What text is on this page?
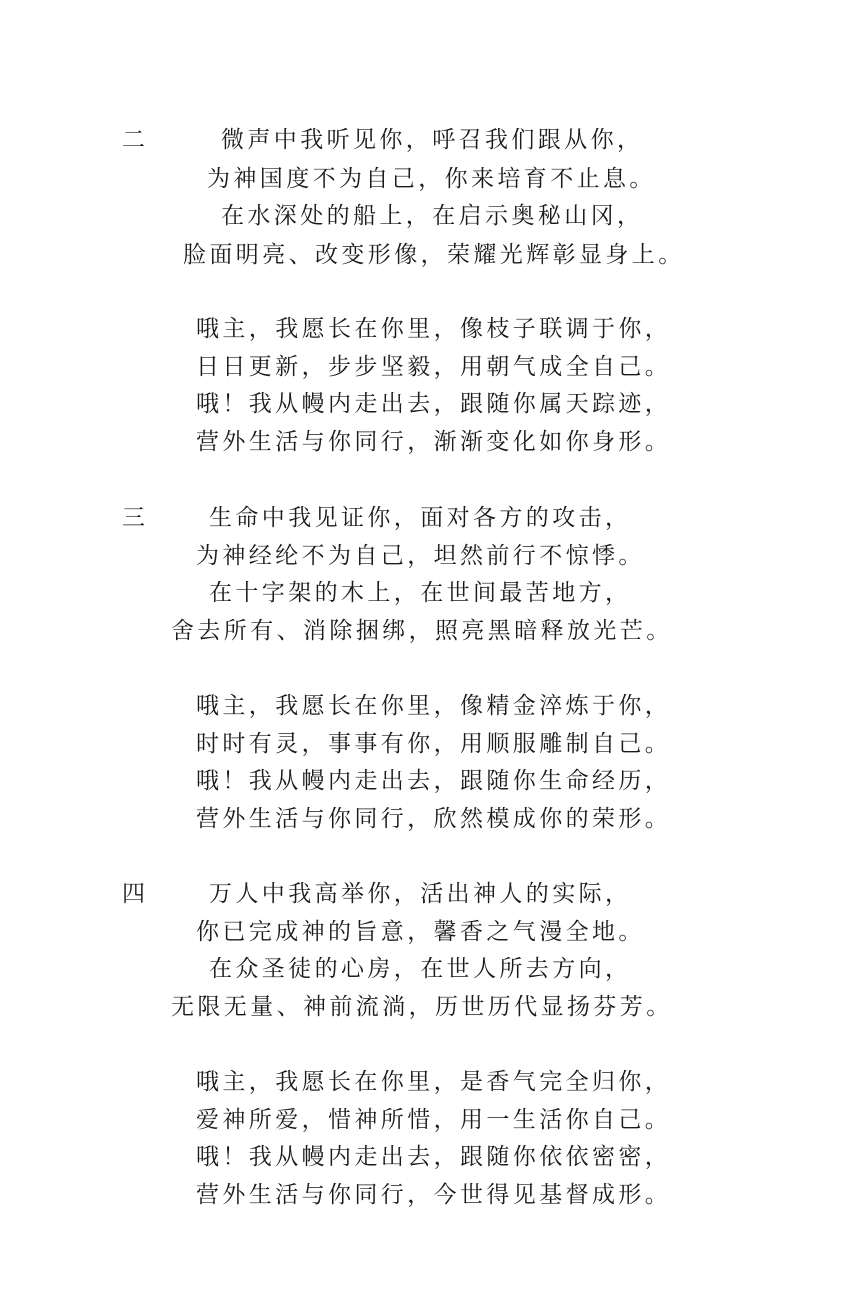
二	微声中我听见你，呼召我们跟从你，
为神国度不为自己，你来培育不止息。
在水深处的船上，在启示奥秘山冈，
脸面明亮、改变形像，荣耀光辉彰显身上。
哦主，我愿长在你里，像枝子联调于你，
日日更新，步步坚毅，用朝气成全自己。
哦！我从幔内走出去，跟随你属天踪迹，
营外生活与你同行，渐渐变化如你身形。
三	生命中我见证你，面对各方的攻击，
为神经纶不为自己，坦然前行不惊悸。
在十字架的木上，在世间最苦地方，
舍去所有、消除捆绑，照亮黑暗释放光芒。
哦主，我愿长在你里，像精金淬炼于你，
时时有灵，事事有你，用顺服雕制自己。
哦！我从幔内走出去，跟随你生命经历，
营外生活与你同行，欣然模成你的荣形。
四	万人中我高举你，活出神人的实际，
你已完成神的旨意，馨香之气漫全地。
在众圣徒的心房，在世人所去方向，
无限无量、神前流淌，历世历代显扬芬芳。
哦主，我愿长在你里，是香气完全归你，
爱神所爱，惜神所惜，用一生活你自己。
哦！我从幔内走出去，跟随你依依密密，
营外生活与你同行，今世得见基督成形。
